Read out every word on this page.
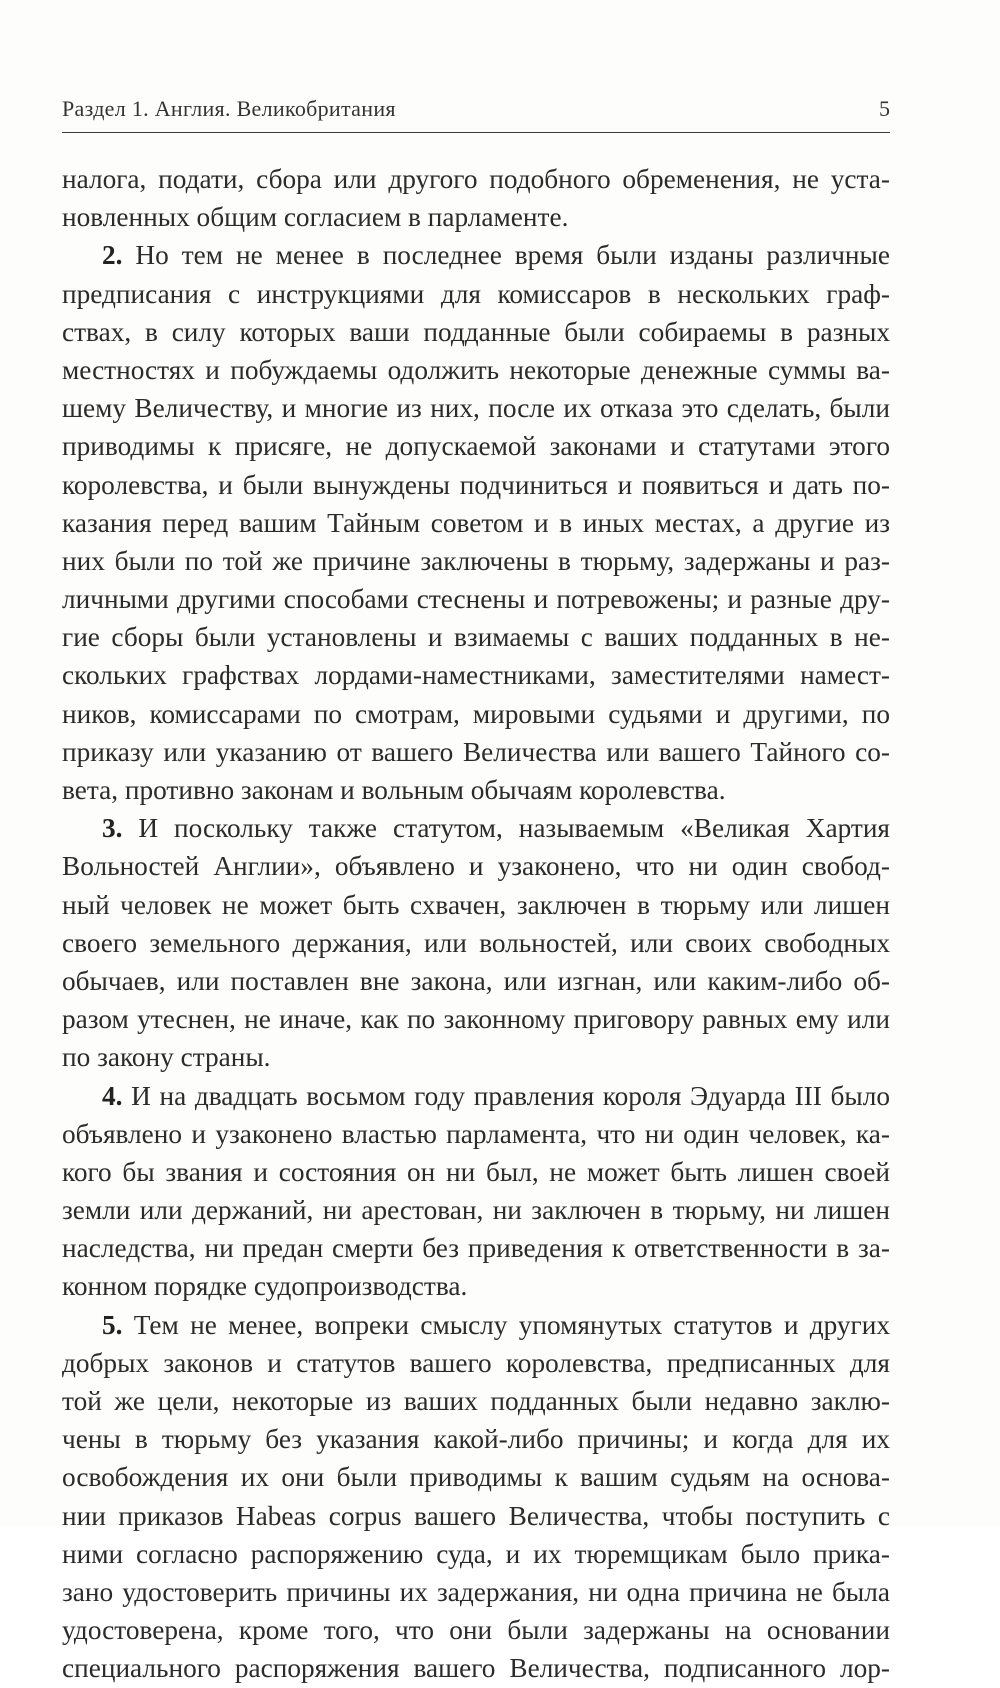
Раздел 1. Англия. Великобритания	5
налога, подати, сбора или другого подобного обременения, не уста-
новленных общим согласием в парламенте.
2. Но тем не менее в последнее время были изданы различные
предписания с инструкциями для комиссаров в нескольких граф-
ствах, в силу которых ваши подданные были собираемы в разных
местностях и побуждаемы одолжить некоторые денежные суммы ва-
шему Величеству, и многие из них, после их отказа это сделать, были
приводимы к присяге, не допускаемой законами и статутами этого
королевства, и были вынуждены подчиниться и появиться и дать по-
казания перед вашим Тайным советом и в иных местах, а другие из
них были по той же причине заключены в тюрьму, задержаны и раз-
личными другими способами стеснены и потревожены; и разные дру-
гие сборы были установлены и взимаемы с ваших подданных в не-
скольких графствах лордами-наместниками, заместителями намест-
ников, комиссарами по смотрам, мировыми судьями и другими, по
приказу или указанию от вашего Величества или вашего Тайного со-
вета, противно законам и вольным обычаям королевства.
3. И поскольку также статутом, называемым «Великая Хартия
Вольностей Англии», объявлено и узаконено, что ни один свобод-
ный человек не может быть схвачен, заключен в тюрьму или лишен
своего земельного держания, или вольностей, или своих свободных
обычаев, или поставлен вне закона, или изгнан, или каким-либо об-
разом утеснен, не иначе, как по законному приговору равных ему или
по закону страны.
4. И на двадцать восьмом году правления короля Эдуарда III было
объявлено и узаконено властью парламента, что ни один человек, ка-
кого бы звания и состояния он ни был, не может быть лишен своей
земли или держаний, ни арестован, ни заключен в тюрьму, ни лишен
наследства, ни предан смерти без приведения к ответственности в за-
конном порядке судопроизводства.
5. Тем не менее, вопреки смыслу упомянутых статутов и других
добрых законов и статутов вашего королевства, предписанных для
той же цели, некоторые из ваших подданных были недавно заклю-
чены в тюрьму без указания какой-либо причины; и когда для их
освобождения их они были приводимы к вашим судьям на основа-
нии приказов Habeas corpus вашего Величества, чтобы поступить с
ними согласно распоряжению суда, и их тюремщикам было прика-
зано удостоверить причины их задержания, ни одна причина не была
удостоверена, кроме того, что они были задержаны на основании
специального распоряжения вашего Величества, подписанного лор-
